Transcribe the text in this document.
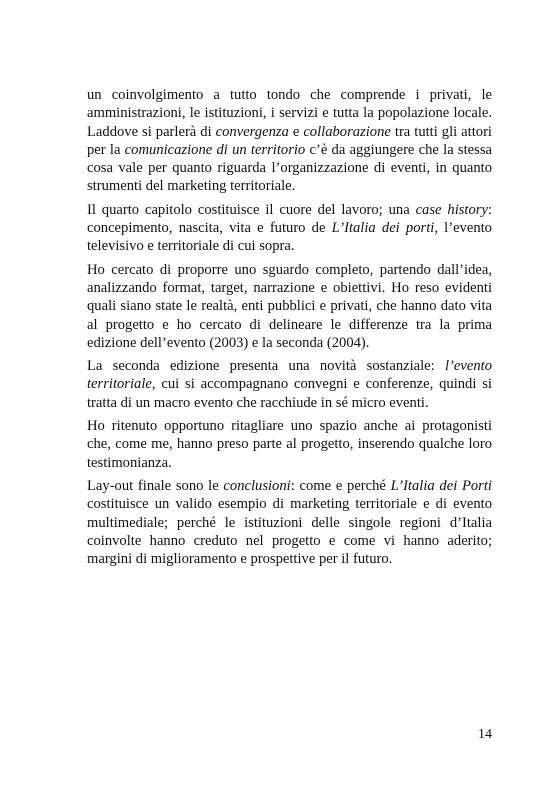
un coinvolgimento a tutto tondo che comprende i privati, le amministrazioni, le istituzioni, i servizi e tutta la popolazione locale. Laddove si parlerà di convergenza e collaborazione tra tutti gli attori per la comunicazione di un territorio c’è da aggiungere che la stessa cosa vale per quanto riguarda l’organizzazione di eventi, in quanto strumenti del marketing territoriale.

Il quarto capitolo costituisce il cuore del lavoro; una case history: concepimento, nascita, vita e futuro de L’Italia dei porti, l’evento televisivo e territoriale di cui sopra.

Ho cercato di proporre uno sguardo completo, partendo dall’idea, analizzando format, target, narrazione e obiettivi. Ho reso evidenti quali siano state le realtà, enti pubblici e privati, che hanno dato vita al progetto e ho cercato di delineare le differenze tra la prima edizione dell’evento (2003) e la seconda (2004).

La seconda edizione presenta una novità sostanziale: l’evento territoriale, cui si accompagnano convegni e conferenze, quindi si tratta di un macro evento che racchiude in sé micro eventi.

Ho ritenuto opportuno ritagliare uno spazio anche ai protagonisti che, come me, hanno preso parte al progetto, inserendo qualche loro testimonianza.

Lay-out finale sono le conclusioni: come e perché L’Italia dei Porti costituisce un valido esempio di marketing territoriale e di evento multimediale; perché le istituzioni delle singole regioni d’Italia coinvolte hanno creduto nel progetto e come vi hanno aderito; margini di miglioramento e prospettive per il futuro.

14
